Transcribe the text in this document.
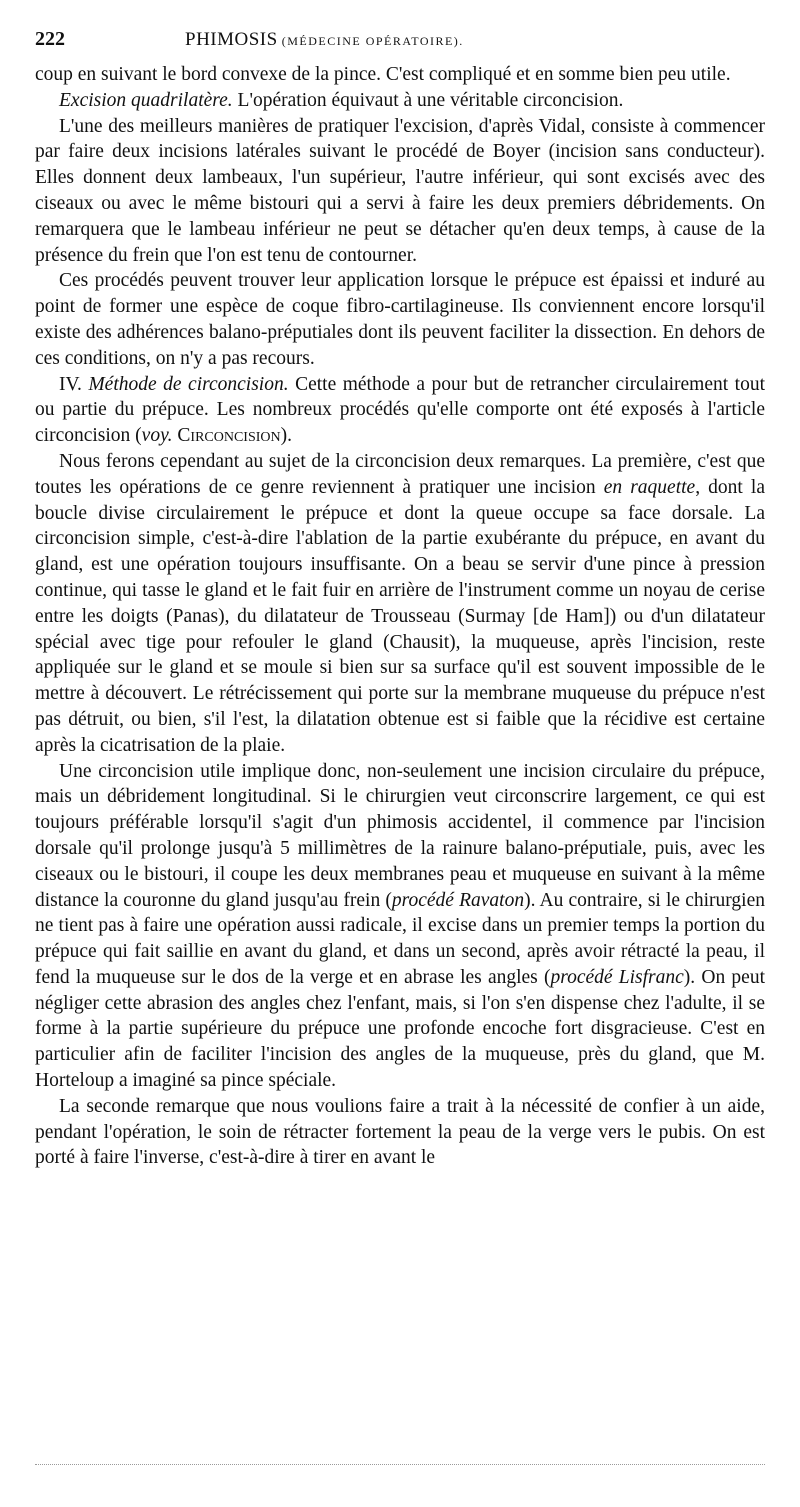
222	PHIMOSIS
(MÉDECINE OPÉRATOIRE).

coup en suivant le bord convexe de la pince. C'est compliqué et en somme bien peu utile.

Excision quadrilatère. L'opération équivaut à une véritable circoncision.

L'une des meilleurs manières de pratiquer l'excision, d'après Vidal, consiste à commencer par faire deux incisions latérales suivant le procédé de Boyer (incision sans conducteur). Elles donnent deux lambeaux, l'un supérieur, l'autre inférieur, qui sont excisés avec des ciseaux ou avec le même bistouri qui a servi à faire les deux premiers débridements. On remarquera que le lambeau inférieur ne peut se détacher qu'en deux temps, à cause de la présence du frein que l'on est tenu de contourner.

Ces procédés peuvent trouver leur application lorsque le prépuce est épaissi et induré au point de former une espèce de coque fibro-cartilagineuse. Ils conviennent encore lorsqu'il existe des adhérences balano-préputiales dont ils peuvent faciliter la dissection. En dehors de ces conditions, on n'y a pas recours.

IV. Méthode de circoncision. Cette méthode a pour but de retrancher circulairement tout ou partie du prépuce. Les nombreux procédés qu'elle comporte ont été exposés à l'article circoncision (voy. Circoncision).

Nous ferons cependant au sujet de la circoncision deux remarques. La première, c'est que toutes les opérations de ce genre reviennent à pratiquer une incision en raquette, dont la boucle divise circulairement le prépuce et dont la queue occupe sa face dorsale. La circoncision simple, c'est-à-dire l'ablation de la partie exubérante du prépuce, en avant du gland, est une opération toujours insuffisante. On a beau se servir d'une pince à pression continue, qui tasse le gland et le fait fuir en arrière de l'instrument comme un noyau de cerise entre les doigts (Panas), du dilatateur de Trousseau (Surmay [de Ham]) ou d'un dilatateur spécial avec tige pour refouler le gland (Chausit), la muqueuse, après l'incision, reste appliquée sur le gland et se moule si bien sur sa surface qu'il est souvent impossible de le mettre à découvert. Le rétrécissement qui porte sur la membrane muqueuse du prépuce n'est pas détruit, ou bien, s'il l'est, la dilatation obtenue est si faible que la récidive est certaine après la cicatrisation de la plaie.

Une circoncision utile implique donc, non-seulement une incision circulaire du prépuce, mais un débridement longitudinal. Si le chirurgien veut circonscrire largement, ce qui est toujours préférable lorsqu'il s'agit d'un phimosis accidentel, il commence par l'incision dorsale qu'il prolonge jusqu'à 5 millimètres de la rainure balano-préputiale, puis, avec les ciseaux ou le bistouri, il coupe les deux membranes peau et muqueuse en suivant à la même distance la couronne du gland jusqu'au frein (procédé Ravaton). Au contraire, si le chirurgien ne tient pas à faire une opération aussi radicale, il excise dans un premier temps la portion du prépuce qui fait saillie en avant du gland, et dans un second, après avoir rétracté la peau, il fend la muqueuse sur le dos de la verge et en abrase les angles (procédé Lisfranc). On peut négliger cette abrasion des angles chez l'enfant, mais, si l'on s'en dispense chez l'adulte, il se forme à la partie supérieure du prépuce une profonde encoche fort disgracieuse. C'est en particulier afin de faciliter l'incision des angles de la muqueuse, près du gland, que M. Horteloup a imaginé sa pince spéciale.

La seconde remarque que nous voulions faire a trait à la nécessité de confier à un aide, pendant l'opération, le soin de rétracter fortement la peau de la verge vers le pubis. On est porté à faire l'inverse, c'est-à-dire à tirer en avant le
